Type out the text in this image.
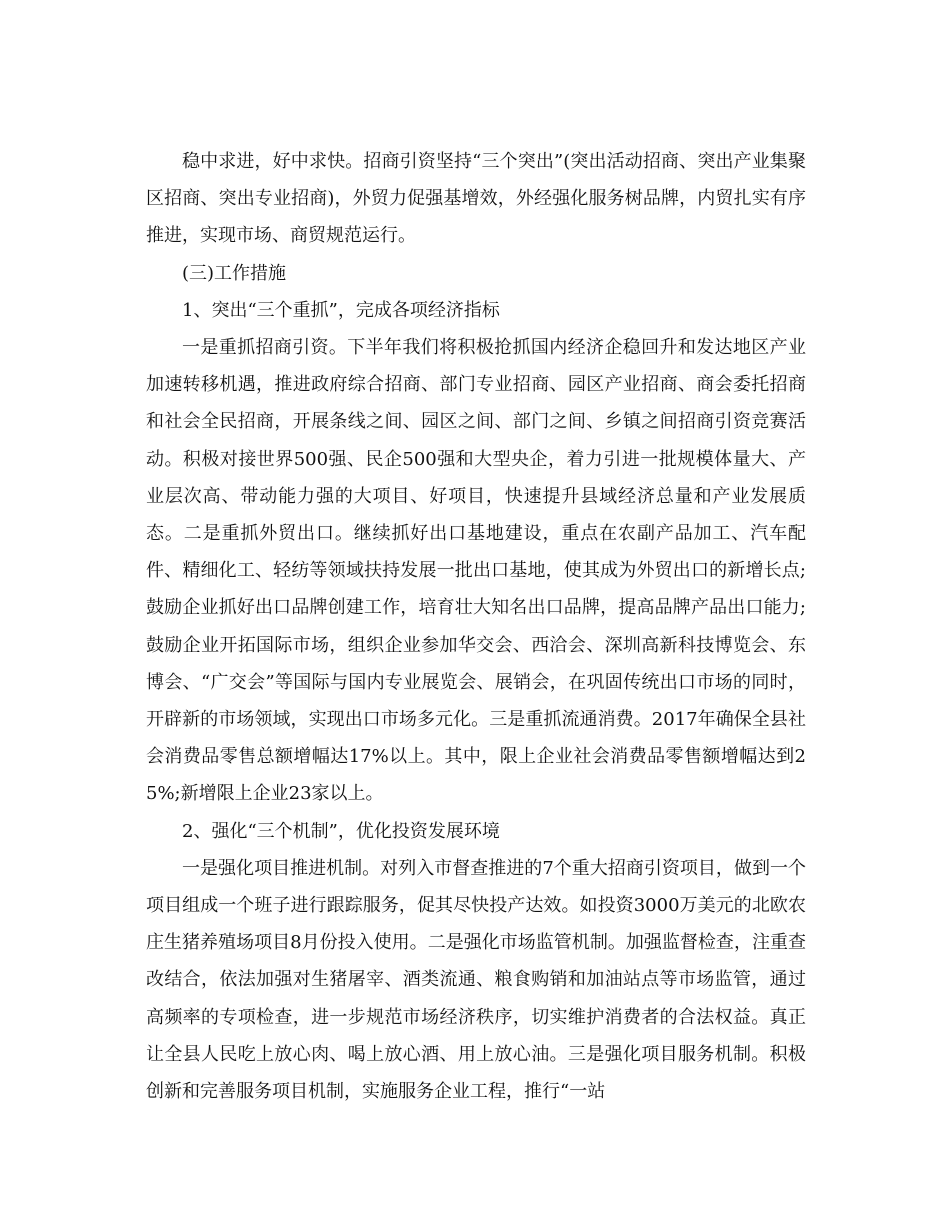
稳中求进，好中求快。招商引资坚持“三个突出”(突出活动招商、突出产业集聚区招商、突出专业招商)，外贸力促强基增效，外经强化服务树品牌，内贸扎实有序推进，实现市场、商贸规范运行。

(三)工作措施

1、突出“三个重抓”，完成各项经济指标

一是重抓招商引资。下半年我们将积极抢抓国内经济企稳回升和发达地区产业加速转移机遇，推进政府综合招商、部门专业招商、园区产业招商、商会委托招商和社会全民招商，开展条线之间、园区之间、部门之间、乡镇之间招商引资竞赛活动。积极对接世界500强、民企500强和大型央企，着力引进一批规模体量大、产业层次高、带动能力强的大项目、好项目，快速提升县域经济总量和产业发展质态。二是重抓外贸出口。继续抓好出口基地建设，重点在农副产品加工、汽车配件、精细化工、轻纺等领域扶持发展一批出口基地，使其成为外贸出口的新增长点;鼓励企业抓好出口品牌创建工作，培育壮大知名出口品牌，提高品牌产品出口能力;鼓励企业开拓国际市场，组织企业参加华交会、西洽会、深圳高新科技博览会、东博会、“广交会”等国际与国内专业展览会、展销会，在巩固传统出口市场的同时，开辟新的市场领域，实现出口市场多元化。三是重抓流通消费。2017年确保全县社会消费品零售总额增幅达17%以上。其中，限上企业社会消费品零售额增幅达到25%;新增限上企业23家以上。

2、强化“三个机制”，优化投资发展环境

一是强化项目推进机制。对列入市督查推进的7个重大招商引资项目，做到一个项目组成一个班子进行跟踪服务，促其尽快投产达效。如投资3000万美元的北欧农庄生猪养殖场项目8月份投入使用。二是强化市场监管机制。加强监督检查，注重查改结合，依法加强对生猪屠宰、酒类流通、粮食购销和加油站点等市场监管，通过高频率的专项检查，进一步规范市场经济秩序，切实维护消费者的合法权益。真正让全县人民吃上放心肉、喝上放心酒、用上放心油。三是强化项目服务机制。积极创新和完善服务项目机制，实施服务企业工程，推行“一站
